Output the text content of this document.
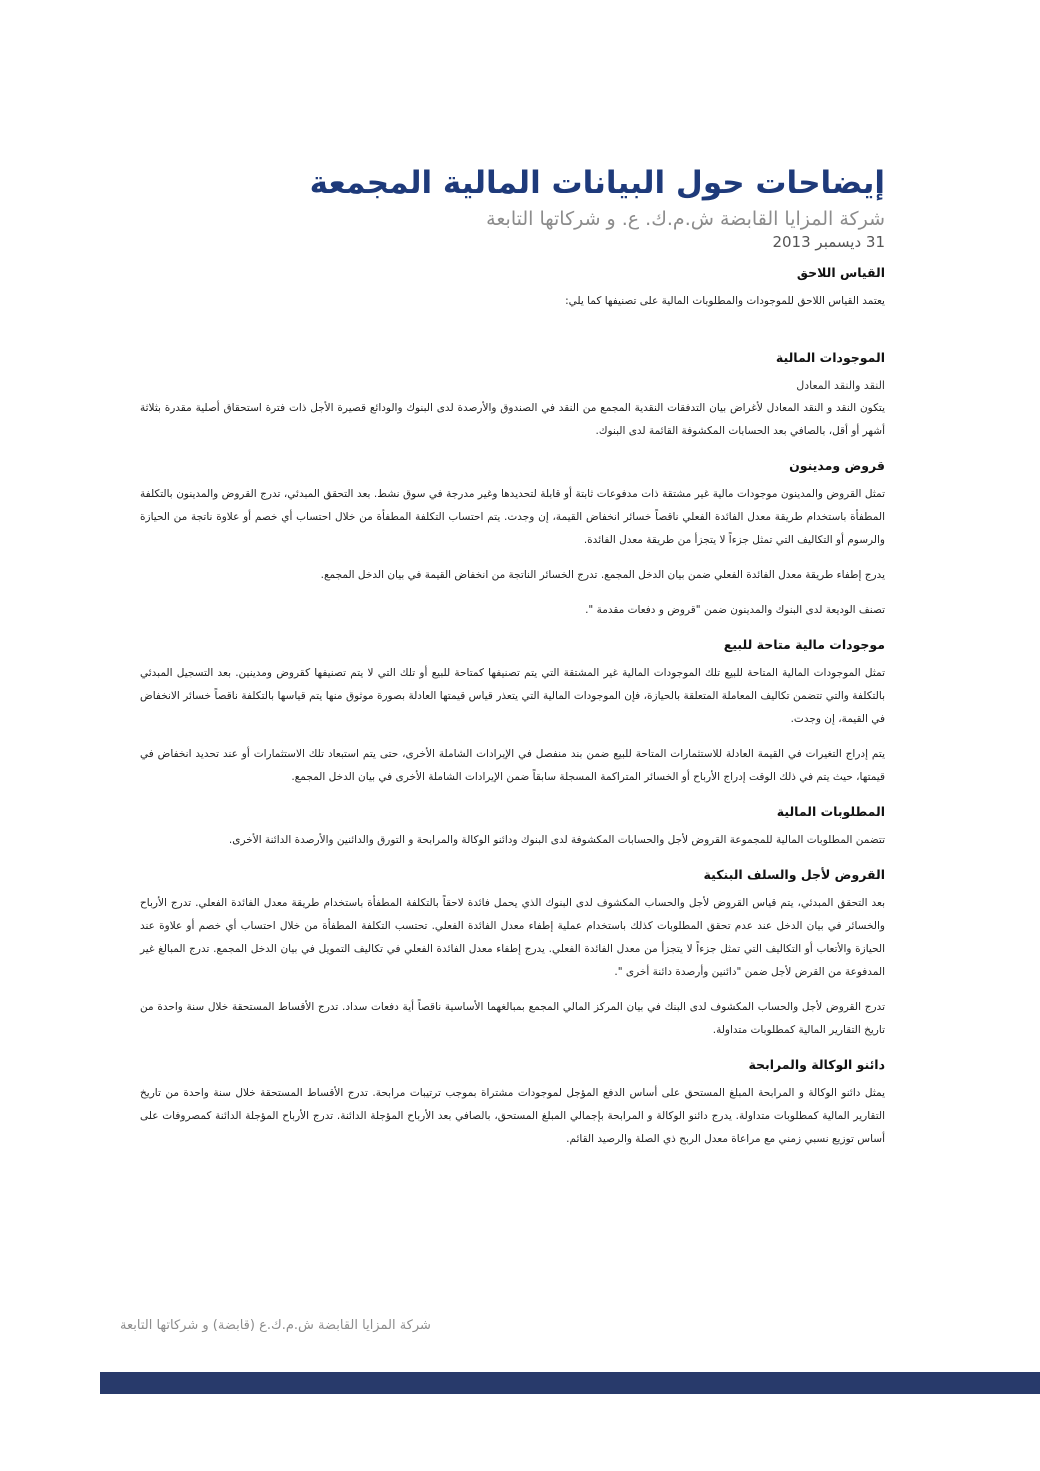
إيضاحات حول البيانات المالية المجمعة

شركة المزايا القابضة ش.م.ك. ع. و شركاتها التابعة

31 ديسمبر 2013

القياس اللاحق

يعتمد القياس اللاحق للموجودات والمطلوبات المالية على تصنيفها كما يلي:

الموجودات المالية

النقد والنقد المعادل

يتكون النقد و النقد المعادل لأغراض بيان التدفقات النقدية المجمع من النقد في الصندوق والأرصدة لدى البنوك والودائع قصيرة الأجل ذات فترة استحقاق أصلية مقدرة بثلاثة أشهر أو أقل، بالصافي بعد الحسابات المكشوفة القائمة لدى البنوك.

قروض ومدينون

تمثل القروض والمدينون موجودات مالية غير مشتقة ذات مدفوعات ثابتة أو قابلة لتحديدها وغير مدرجة في سوق نشط. بعد التحقق المبدئي، تدرج القروض والمدينون بالتكلفة المطفأة باستخدام طريقة معدل الفائدة الفعلي ناقصاً خسائر انخفاض القيمة، إن وجدت. يتم احتساب التكلفة المطفأة من خلال احتساب أي خصم أو علاوة ناتجة من الحيازة والرسوم أو التكاليف التي تمثل جزءاً لا يتجزأ من طريقة معدل الفائدة.

يدرج إطفاء طريقة معدل الفائدة الفعلي ضمن بيان الدخل المجمع. تدرج الخسائر الناتجة من انخفاض القيمة في بيان الدخل المجمع.

تصنف الوديعة لدى البنوك والمدينون ضمن "قروض و دفعات مقدمة ".

موجودات مالية متاحة للبيع

تمثل الموجودات المالية المتاحة للبيع تلك الموجودات المالية غير المشتقة التي يتم تصنيفها كمتاحة للبيع أو تلك التي لا يتم تصنيفها كقروض ومدينين. بعد التسجيل المبدئي بالتكلفة والتي تتضمن تكاليف المعاملة المتعلقة بالحيازة، فإن الموجودات المالية التي يتعذر قياس قيمتها العادلة بصورة موثوق منها يتم قياسها بالتكلفة ناقصاً خسائر الانخفاض في القيمة، إن وجدت.

يتم إدراج التغيرات في القيمة العادلة للاستثمارات المتاحة للبيع ضمن بند منفصل في الإيرادات الشاملة الأخرى، حتى يتم استبعاد تلك الاستثمارات أو عند تحديد انخفاض في قيمتها، حيث يتم في ذلك الوقت إدراج الأرباح أو الخسائر المتراكمة المسجلة سابقاً ضمن الإيرادات الشاملة الأخرى في بيان الدخل المجمع.

المطلوبات المالية

تتضمن المطلوبات المالية للمجموعة القروض لأجل والحسابات المكشوفة لدى البنوك ودائنو الوكالة والمرابحة و التورق والدائنين والأرصدة الدائنة الأخرى.

القروض لأجل والسلف البنكية

بعد التحقق المبدئي، يتم قياس القروض لأجل والحساب المكشوف لدى البنوك الذي يحمل فائدة لاحقاً بالتكلفة المطفأة باستخدام طريقة معدل الفائدة الفعلي. تدرج الأرباح والخسائر في بيان الدخل عند عدم تحقق المطلوبات كذلك باستخدام عملية إطفاء معدل الفائدة الفعلي. تحتسب التكلفة المطفأة من خلال احتساب أي خصم أو علاوة عند الحيازة والأتعاب أو التكاليف التي تمثل جزءاً لا يتجزأ من معدل الفائدة الفعلي. يدرج إطفاء معدل الفائدة الفعلي في تكاليف التمويل في بيان الدخل المجمع. تدرج المبالغ غير المدفوعة من القرض لأجل ضمن "دائنين وأرصدة دائنة أخرى ".

تدرج القروض لأجل والحساب المكشوف لدى البنك في بيان المركز المالي المجمع بمبالغهما الأساسية ناقصاً أية دفعات سداد. تدرج الأقساط المستحقة خلال سنة واحدة من تاريخ التقارير المالية كمطلوبات متداولة.

دائنو الوكالة والمرابحة

يمثل دائنو الوكالة و المرابحة المبلغ المستحق على أساس الدفع المؤجل لموجودات مشتراة بموجب ترتيبات مرابحة. تدرج الأقساط المستحقة خلال سنة واحدة من تاريخ التقارير المالية كمطلوبات متداولة. يدرج دائنو الوكالة و المرابحة بإجمالي المبلغ المستحق، بالصافي بعد الأرباح المؤجلة الدائنة. تدرج الأرباح المؤجلة الدائنة كمصروفات على أساس توزيع نسبي زمني مع مراعاة معدل الربح ذي الصلة والرصيد القائم.

شركة المزايا القابضة ش.م.ك.ع (قابضة) و شركاتها التابعة
